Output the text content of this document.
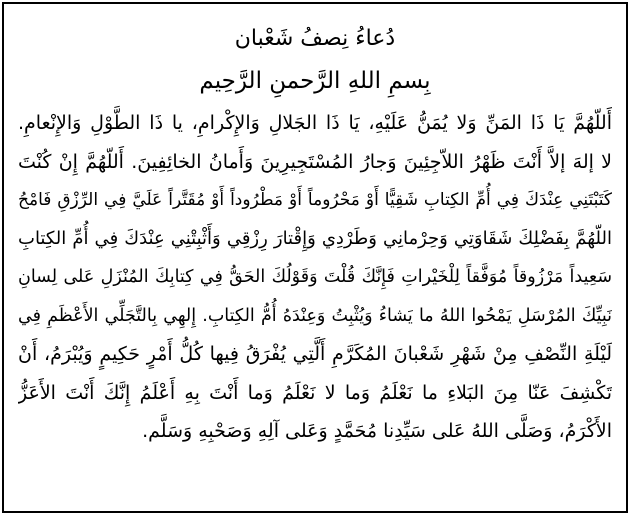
دُعاءُ نِصفُ شَعْبان

بِسمِ اللهِ الرَّحمنِ الرَّحِيم

أَللّهُمَّ يَا ذَا المَنِّ وَلا يُمَنُّ عَلَيْهِ، يَا ذَا الجَلالِ وَالإِكْرامِ، يا ذَا الطَّوْلِ وَالإِنْعامِ.
لا إلهَ إلاَّ أَنْتَ ظَهْرُ اللاّجِئِينَ وَجارُ المُسْتَجِيرِينَ وَأَمانُ الخائِفِينَ. أَللّهُمَّ إِنْ كُنْتَ
كَتَبْتَنِي عِنْدَكَ فِي أُمِّ الكِتابِ شَقِيًّا أَوْ مَحْرُوماً أَوْ مَطْرُوداً أَوْ مُقَتَّراً عَلَيَّ فِي الرِّزْقِ فَامْحُ
اللّهُمَّ بِفَضْلِكَ شَقَاوَتِي وَحِرْمانِي وَطَرْدِي وَإِقْتارَ رِزْقِي وَأَثْبِتْنِي عِنْدَكَ فِي أُمِّ الكِتابِ
سَعِيداً مَرْزُوقاً مُوَفَّقاً لِلْخَيْراتِ فَإِنَّكَ قُلْتَ وَقَوْلُكَ الحَقُّ فِي كِتابِكَ المُنْزَلِ عَلى لِسانِ
نَبِيِّكَ المُرْسَلِ يَمْحُوا اللهُ ما يَشاءُ وَيُثْبِتُ وَعِنْدَهُ أُمُّ الكِتابِ. إِلهِي بِالتَّجَلِّي الأَعْظَمِ فِي
لَيْلَةِ النِّصْفِ مِنْ شَهْرِ شَعْبانَ المُكَرَّمِ أَلَّتِي يُفْرَقُ فِيها كُلُّ أَمْرٍ حَكِيمٍ وَيُبْرَمُ، أَنْ
تَكْشِفَ عَنّا مِنَ البَلاءِ ما نَعْلَمُ وَما لا نَعْلَمُ وَما أَنْتَ بِهِ أَعْلَمُ إِنَّكَ أَنْتَ الأَعَزُّ
الأَكْرَمُ، وَصَلَّى اللهُ عَلى سَيِّدِنا مُحَمَّدٍ وَعَلى آلِهِ وَصَحْبِهِ وَسَلَّم.
